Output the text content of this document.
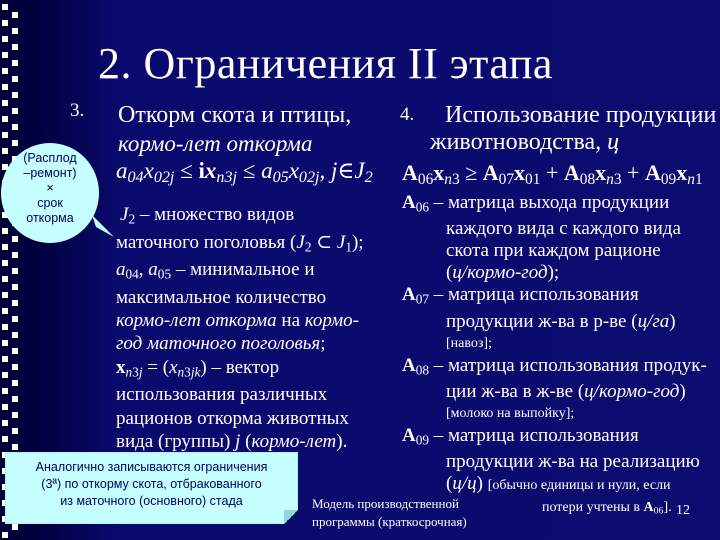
2. Ограничения II этапа
3. Откорм скота и птицы,
кормо-лет откорма
$a_{04}x_{02j} \le ix_{n3j} \le a_{05}x_{02j}$, $j\in J_2$
$J_2$ – множество видов
маточного поголовья ($J_2$ ⊂ $J_1$);
$a_{04}$, $a_{05}$ – минимальное и
максимальное количество
кормо-лет откорма на кормо-
год маточного поголовья;
$x_{n3j} = (x_{n3jk})$ – вектор
использования различных
рационов откорма животных
вида (группы) j (кормо-лет).
(Расплод
–ремонт)
×
срок
откорма
Аналогично записываются ограничения
(3ª) по откорму скота, отбракованного
из маточного (основного) стада
4. Использование продукции
животноводства, ц
$A_{06}x_{n3} \ge A_{07}x_{01} + A_{08}x_{n3} + A_{09}x_{n1}$
$A_{06}$ – матрица выхода продукции
каждого вида с каждого вида
скота при каждом рационе
(ц/кормо-год);
$A_{07}$ – матрица использования
продукции ж-ва в р-ве (ц/га)
[навоз];
$A_{08}$ – матрица использования продук-
ции ж-ва в ж-ве (ц/кормо-год)
[молоко на выпойку];
$A_{09}$ – матрица использования
продукции ж-ва на реализацию
(ц/ц) [обычно единицы и нули, если
потери учтены в $A_{06}$].
Модель производственной
программы (краткосрочная)
12
